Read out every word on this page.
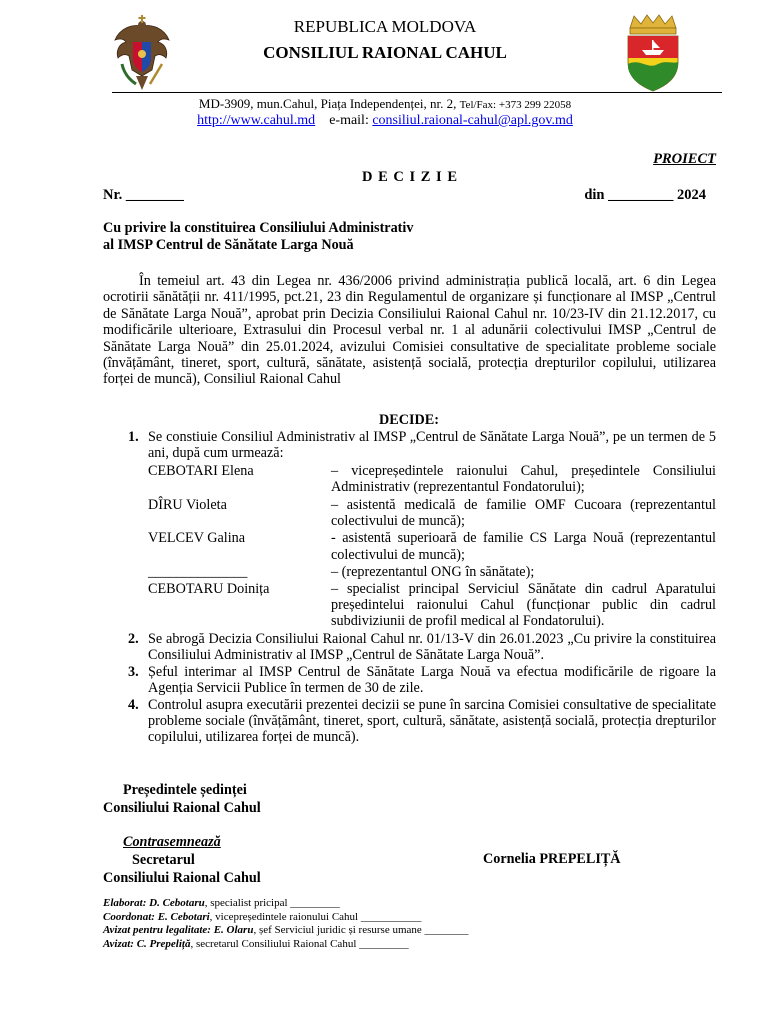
REPUBLICA MOLDOVA
CONSILIUL RAIONAL CAHUL
MD-3909, mun.Cahul, Piața Independenței, nr. 2, Tel/Fax: +373 299 22058
http://www.cahul.md e-mail: consiliul.raional-cahul@apl.gov.md
PROIECT
D E C I Z I E
Nr. ________	din _________ 2024
Cu privire la constituirea Consiliului Administrativ
al IMSP Centrul de Sănătate Larga Nouă
În temeiul art. 43 din Legea nr. 436/2006 privind administrația publică locală, art. 6 din Legea ocrotirii sănătății nr. 411/1995, pct.21, 23 din Regulamentul de organizare și funcționare al IMSP „Centrul de Sănătate Larga Nouă”, aprobat prin Decizia Consiliului Raional Cahul nr. 10/23-IV din 21.12.2017, cu modificările ulterioare, Extrasului din Procesul verbal nr. 1 al adunării colectivului IMSP „Centrul de Sănătate Larga Nouă” din 25.01.2024, avizului Comisiei consultative de specialitate probleme sociale (învățământ, tineret, sport, cultură, sănătate, asistență socială, protecția drepturilor copilului, utilizarea forței de muncă), Consiliul Raional Cahul
DECIDE:
1. Se constiuie Consiliul Administrativ al IMSP „Centrul de Sănătate Larga Nouă”, pe un termen de 5 ani, după cum urmează:
CEBOTARI Elena	– vicepreședintele raionului Cahul, președintele Consiliului Administrativ (reprezentantul Fondatorului);
DÎRU Violeta	– asistentă medicală de familie OMF Cucoara (reprezentantul colectivului de muncă);
VELCEV Galina	- asistentă superioară de familie CS Larga Nouă (reprezentantul colectivului de muncă);
______________	– (reprezentantul ONG în sănătate);
CEBOTARU Doinița	– specialist principal Serviciul Sănătate din cadrul Aparatului președintelui raionului Cahul (funcționar public din cadrul subdiviziunii de profil medical al Fondatorului).
2. Se abrogă Decizia Consiliului Raional Cahul nr. 01/13-V din 26.01.2023 „Cu privire la constituirea Consiliului Administrativ al IMSP „Centrul de Sănătate Larga Nouă”.
3. Șeful interimar al IMSP Centrul de Sănătate Larga Nouă va efectua modificările de rigoare la Agenția Servicii Publice în termen de 30 de zile.
4. Controlul asupra executării prezentei decizii se pune în sarcina Comisiei consultative de specialitate probleme sociale (învățământ, tineret, sport, cultură, sănătate, asistență socială, protecția drepturilor copilului, utilizarea forței de muncă).
Președintele ședinței
Consiliului Raional Cahul
Contrasemnează
Secretarul
Consiliului Raional Cahul
Cornelia PREPELIȚĂ
Elaborat: D. Cebotaru, specialist pricipal _________
Coordonat: E. Cebotari, vicepreședintele raionului Cahul ___________
Avizat pentru legalitate: E. Olaru, șef Serviciul juridic și resurse umane ________
Avizat: C. Prepeliță, secretarul Consiliului Raional Cahul _________
